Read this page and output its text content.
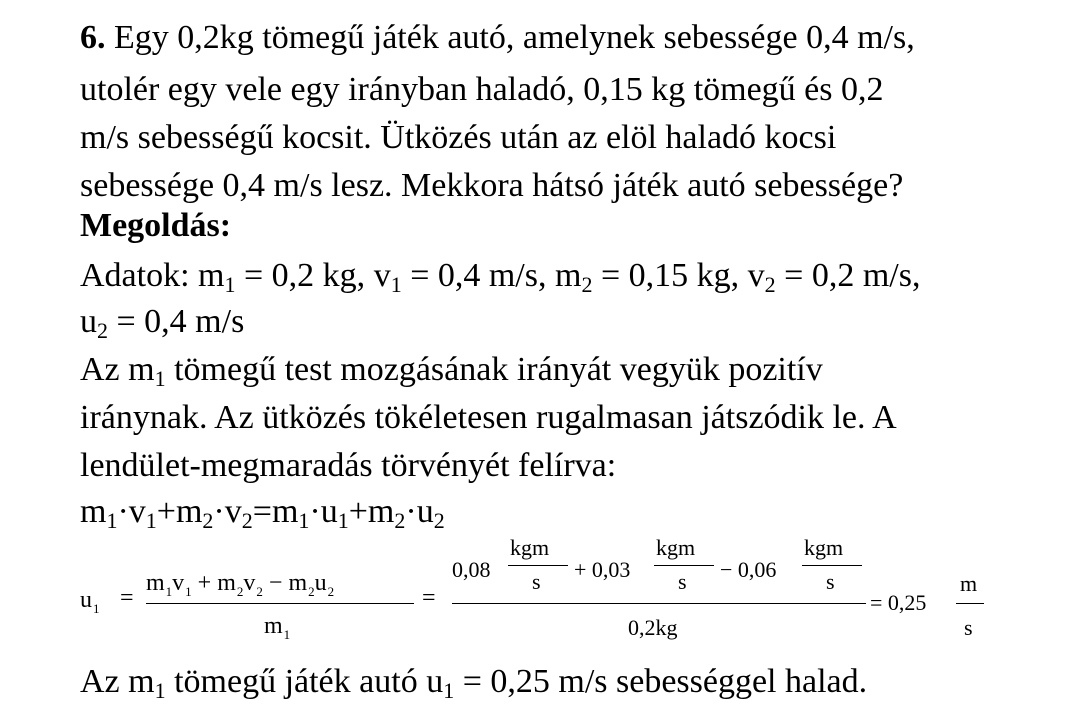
6. Egy 0,2kg tömegű játék autó, amelynek sebessége 0,4 m/s,
utolér egy vele egy irányban haladó, 0,15 kg tömegű és 0,2
m/s sebességű kocsit. Ütközés után az elöl haladó kocsi
sebessége 0,4 m/s lesz. Mekkora hátsó játék autó sebessége?
Megoldás:
Adatok: $m_1 = 0,2$ kg, $v_1 = 0,4$ m/s, $m_2 = 0,15$ kg, $v_2 = 0,2$ m/s,
$u_2 = 0,4$ m/s
Az $m_1$ tömegű test mozgásának irányát vegyük pozitív
iránynak. Az ütközés tökéletesen rugalmasan játszódik le. A
lendület-megmaradás törvényét felírva:
$m_1\cdot v_1+m_2\cdot v_2=m_1\cdot u_1+m_2\cdot u_2$
$u_1$ =
$m_1v_1 + m_2v_2 - m_2u_2$
$m_1$
=
0,08
kgm
s + 0,03
kgm
s − 0,06
kgm
s
0,2kg
= 0,25
m
s
Az $m_1$ tömegű játék autó $u_1 = 0,25$ m/s sebességgel halad.
